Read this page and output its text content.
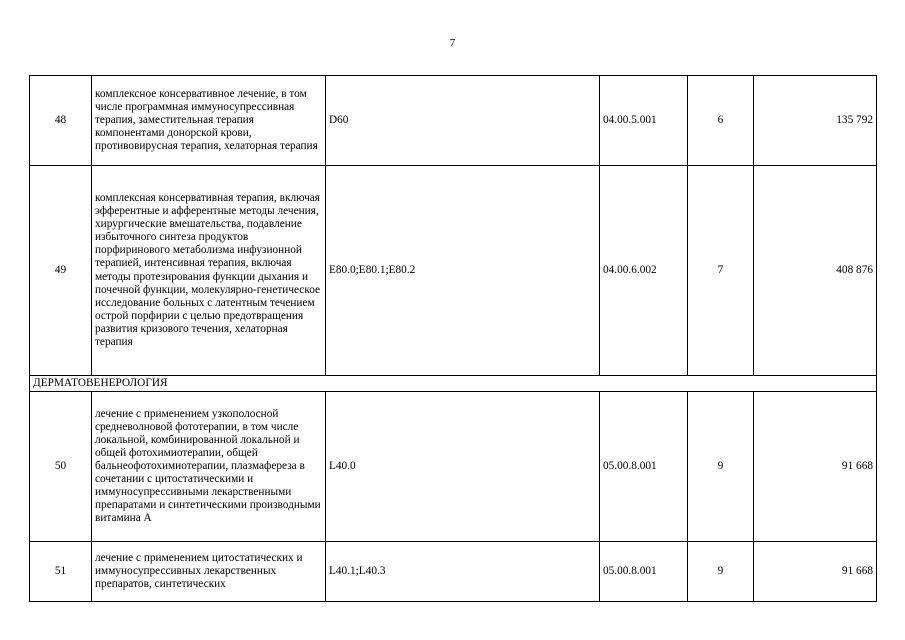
7
48	комплексное консервативное лечение, в том числе программная иммуносупрессивная терапия, заместительная терапия компонентами донорской крови, противовирусная терапия, хелаторная терапия	D60	04.00.5.001	6	135 792
49	комплексная консервативная терапия, включая эфферентные и афферентные методы лечения, хирургические вмешательства, подавление избыточного синтеза продуктов порфиринового метаболизма инфузионной терапией, интенсивная терапия, включая методы протезирования функции дыхания и почечной функции, молекулярно-генетическое исследование больных с латентным течением острой порфирии с целью предотвращения развития кризового течения, хелаторная терапия	E80.0;E80.1;E80.2	04.00.6.002	7	408 876
ДЕРМАТОВЕНЕРОЛОГИЯ					
50	лечение с применением узкополосной средневолновой фототерапии, в том числе локальной, комбинированной локальной и общей фотохимиотерапии, общей бальнеофотохимиотерапии, плазмафереза в сочетании с цитостатическими и иммуносупрессивными лекарственными препаратами и синтетическими производными витамина А	L40.0	05.00.8.001	9	91 668
51	лечение с применением цитостатических и иммуносупрессивных лекарственных препаратов, синтетических	L40.1;L40.3	05.00.8.001	9	91 668
